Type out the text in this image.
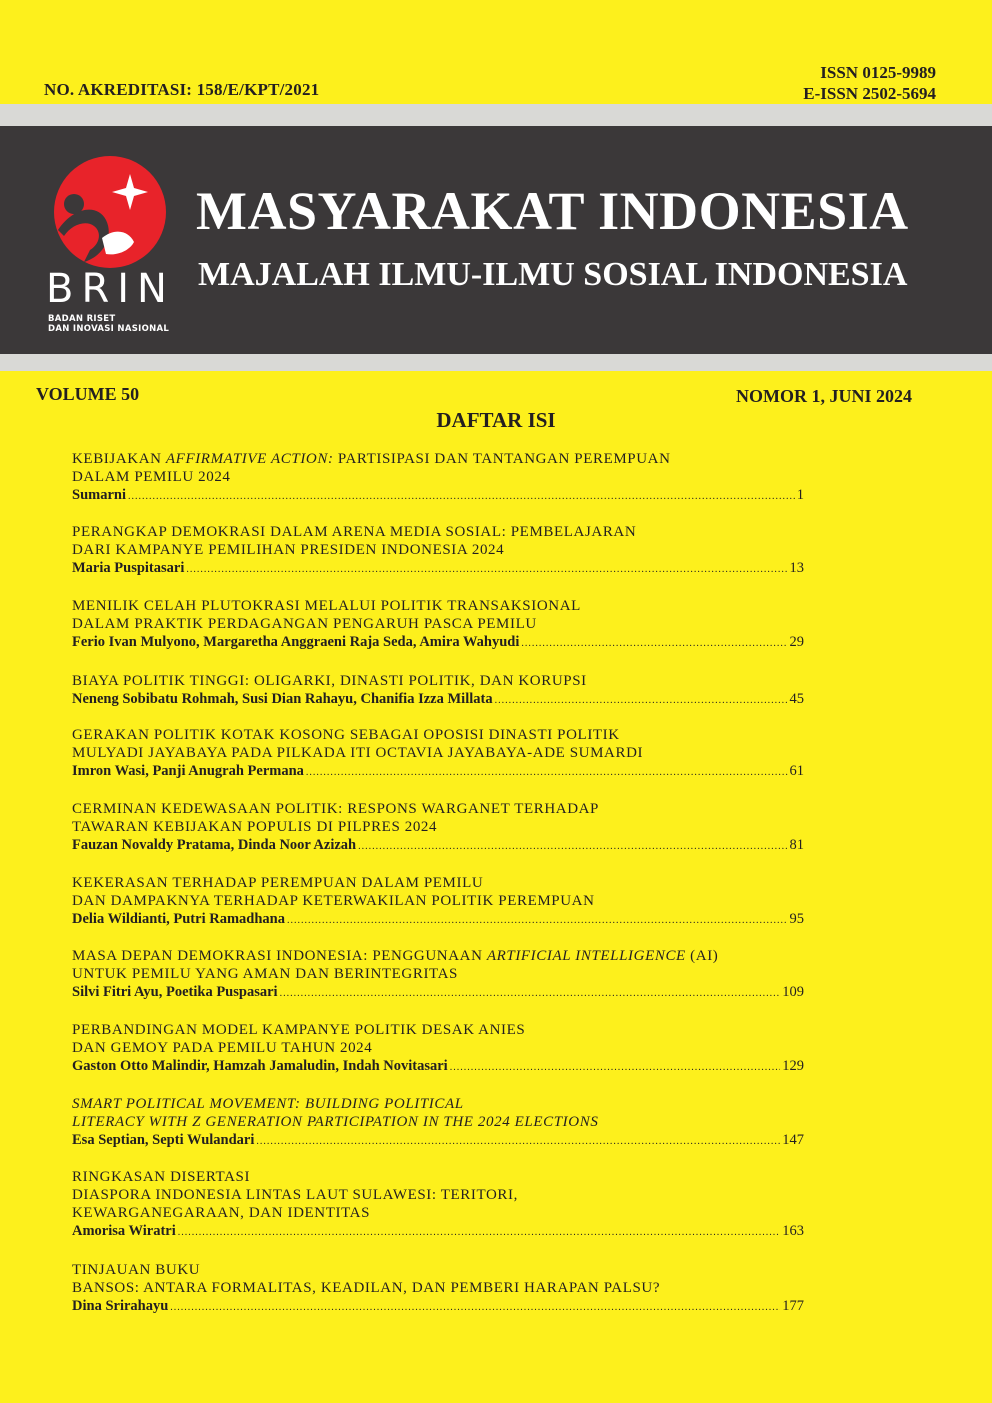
NO. AKREDITASI: 158/E/KPT/2021
ISSN 0125-9989
E-ISSN 2502-5694
BRIN
BADAN RISET
DAN INOVASI NASIONAL
MASYARAKAT INDONESIA
MAJALAH ILMU-ILMU SOSIAL INDONESIA
VOLUME 50	NOMOR 1, JUNI 2024
DAFTAR ISI
KEBIJAKAN AFFIRMATIVE ACTION: PARTISIPASI DAN TANTANGAN PEREMPUAN
DALAM PEMILU 2024
Sumarni .....	1
PERANGKAP DEMOKRASI DALAM ARENA MEDIA SOSIAL: PEMBELAJARAN
DARI KAMPANYE PEMILIHAN PRESIDEN INDONESIA 2024
Maria Puspitasari .....	13
MENILIK CELAH PLUTOKRASI MELALUI POLITIK TRANSAKSIONAL
DALAM PRAKTIK PERDAGANGAN PENGARUH PASCA PEMILU
Ferio Ivan Mulyono, Margaretha Anggraeni Raja Seda, Amira Wahyudi .....	29
BIAYA POLITIK TINGGI: OLIGARKI, DINASTI POLITIK, DAN KORUPSI
Neneng Sobibatu Rohmah, Susi Dian Rahayu, Chanifia Izza Millata .....	45
GERAKAN POLITIK KOTAK KOSONG SEBAGAI OPOSISI DINASTI POLITIK
MULYADI JAYABAYA PADA PILKADA ITI OCTAVIA JAYABAYA-ADE SUMARDI
Imron Wasi, Panji Anugrah Permana .....	61
CERMINAN KEDEWASAAN POLITIK: RESPONS WARGANET TERHADAP
TAWARAN KEBIJAKAN POPULIS DI PILPRES 2024
Fauzan Novaldy Pratama, Dinda Noor Azizah .....	81
KEKERASAN TERHADAP PEREMPUAN DALAM PEMILU
DAN DAMPAKNYA TERHADAP KETERWAKILAN POLITIK PEREMPUAN
Delia Wildianti, Putri Ramadhana .....	95
MASA DEPAN DEMOKRASI INDONESIA: PENGGUNAAN ARTIFICIAL INTELLIGENCE (AI)
UNTUK PEMILU YANG AMAN DAN BERINTEGRITAS
Silvi Fitri Ayu, Poetika Puspasari .....	109
PERBANDINGAN MODEL KAMPANYE POLITIK DESAK ANIES
DAN GEMOY PADA PEMILU TAHUN 2024
Gaston Otto Malindir, Hamzah Jamaludin, Indah Novitasari .....	129
SMART POLITICAL MOVEMENT: BUILDING POLITICAL
LITERACY WITH Z GENERATION PARTICIPATION IN THE 2024 ELECTIONS
Esa Septian, Septi Wulandari .....	147
RINGKASAN DISERTASI
DIASPORA INDONESIA LINTAS LAUT SULAWESI: TERITORI,
KEWARGANEGARAAN, DAN IDENTITAS
Amorisa Wiratri .....	163
TINJAUAN BUKU
BANSOS: ANTARA FORMALITAS, KEADILAN, DAN PEMBERI HARAPAN PALSU?
Dina Srirahayu .....	177
